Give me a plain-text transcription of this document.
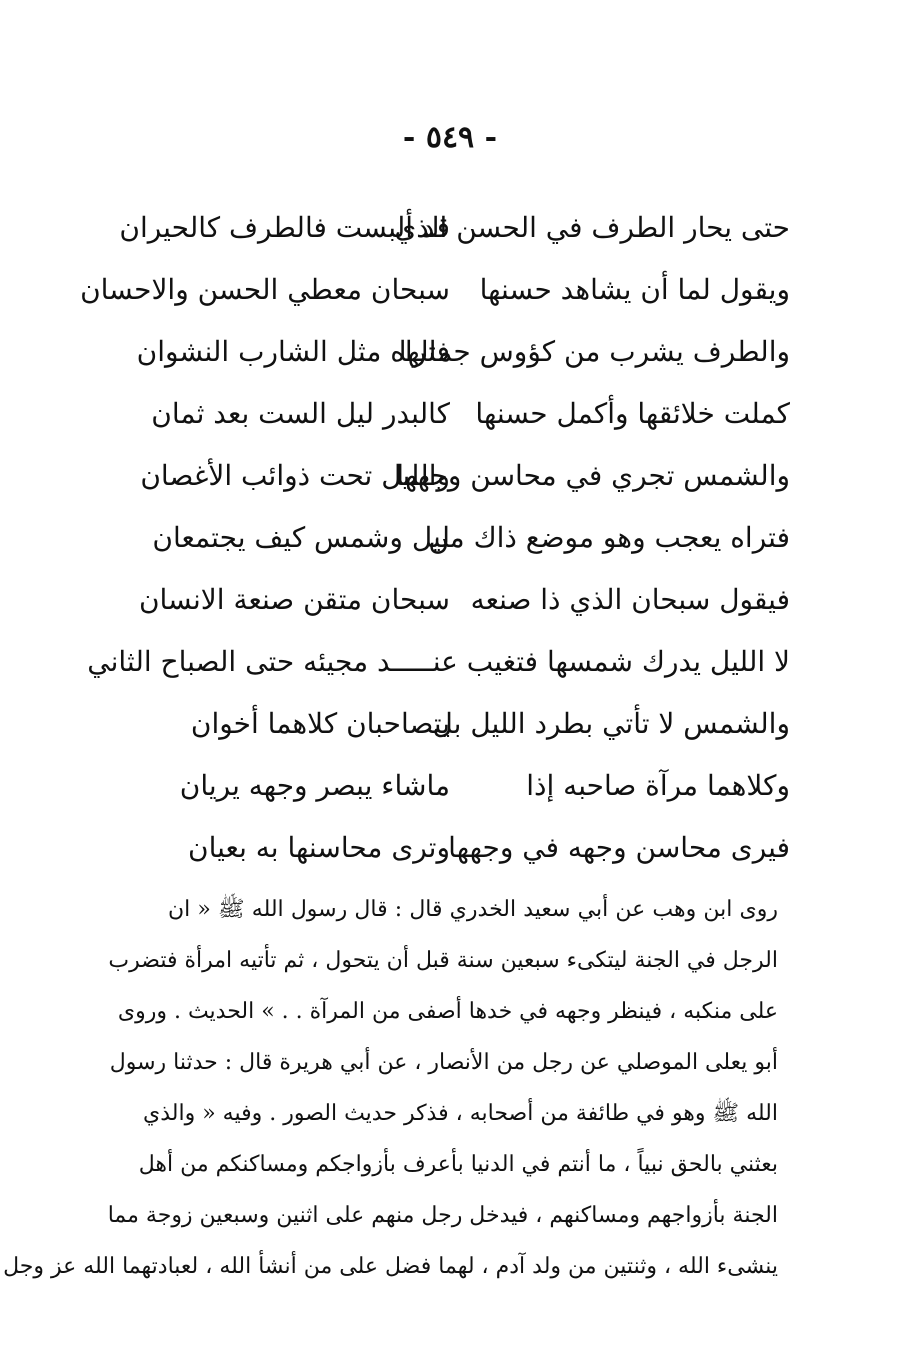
- ٥٤٩ -
حتى يحار الطرف في الحسن الذي
قد ألبست فالطرف كالحيران
ويقول لما أن يشاهد حسنها
سبحان معطي الحسن والاحسان
والطرف يشرب من كؤوس جمالها
فتراه مثل الشارب النشوان
كملت خلائقها وأكمل حسنها
كالبدر ليل الست بعد ثمان
والشمس تجري في محاسن وجهها
والليل تحت ذوائب الأغصان
فتراه يعجب وهو موضع ذاك من
ليل وشمس كيف يجتمعان
فيقول سبحان الذي ذا صنعه
سبحان متقن صنعة الانسان
لا الليل يدرك شمسها فتغيب عنـــــد مجيئه حتى الصباح الثاني
والشمس لا تأتي بطرد الليل بل
يتصاحبان كلاهما أخوان
وكلاهما مرآة صاحبه إذا
ماشاء يبصر وجهه يريان
فيرى محاسن وجهه في وجهها
وترى محاسنها به بعيان
روى ابن وهب عن أبي سعيد الخدري قال : قال رسول الله ﷺ « ان
الرجل في الجنة ليتكىء سبعين سنة قبل أن يتحول ، ثم تأتيه امرأة فتضرب
على منكبه ، فينظر وجهه في خدها أصفى من المرآة . . » الحديث . وروى
أبو يعلى الموصلي عن رجل من الأنصار ، عن أبي هريرة قال : حدثنا رسول
الله ﷺ وهو في طائفة من أصحابه ، فذكر حديث الصور . وفيه « والذي
بعثني بالحق نبياً ، ما أنتم في الدنيا بأعرف بأزواجكم ومساكنكم من أهل
الجنة بأزواجهم ومساكنهم ، فيدخل رجل منهم على اثنين وسبعين زوجة مما
ينشىء الله ، وثنتين من ولد آدم ، لهما فضل على من أنشأ الله ، لعبادتهما الله عز وجل
